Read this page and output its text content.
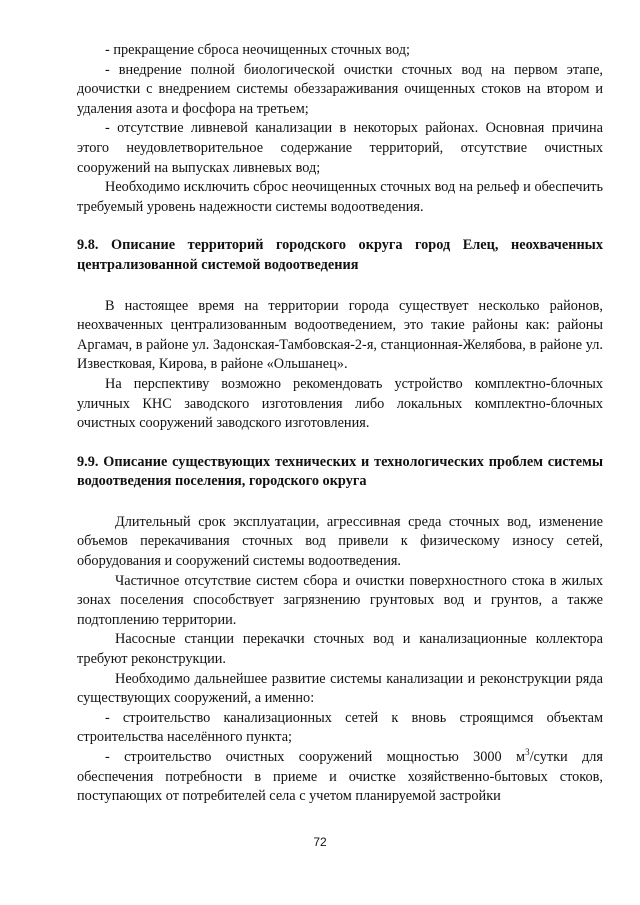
- прекращение сброса неочищенных сточных вод;

- внедрение полной биологической очистки сточных вод на первом этапе, доочистки с внедрением системы обеззараживания очищенных стоков на втором и удаления азота и фосфора на третьем;

- отсутствие ливневой канализации в некоторых районах. Основная причина этого неудовлетворительное содержание территорий, отсутствие очистных сооружений на выпусках ливневых вод;

Необходимо исключить сброс неочищенных сточных вод на рельеф и обеспечить требуемый уровень надежности системы водоотведения.

9.8. Описание территорий городского округа город Елец, неохваченных централизованной системой водоотведения

В настоящее время на территории города существует несколько районов, неохваченных централизованным водоотведением, это такие районы как: районы Аргамач, в районе ул. Задонская-Тамбовская-2-я, станционная-Желябова, в районе ул. Известковая, Кирова, в районе «Ольшанец».

На перспективу возможно рекомендовать устройство комплектно-блочных уличных КНС заводского изготовления либо локальных комплектно-блочных очистных сооружений заводского изготовления.

9.9. Описание существующих технических и технологических проблем системы водоотведения поселения, городского округа

Длительный срок эксплуатации, агрессивная среда сточных вод, изменение объемов перекачивания сточных вод привели к физическому износу сетей, оборудования и сооружений системы водоотведения.

Частичное отсутствие систем сбора и очистки поверхностного стока в жилых зонах поселения способствует загрязнению грунтовых вод и грунтов, а также подтоплению территории.

Насосные станции перекачки сточных вод и канализационные коллектора требуют реконструкции.

Необходимо дальнейшее развитие системы канализации и реконструкции ряда существующих сооружений, а именно:

- строительство канализационных сетей к вновь строящимся объектам строительства населённого пункта;

- строительство очистных сооружений мощностью 3000 $м^3$/сутки для обеспечения потребности в приеме и очистке хозяйственно-бытовых стоков, поступающих от потребителей села с учетом планируемой застройки

72
